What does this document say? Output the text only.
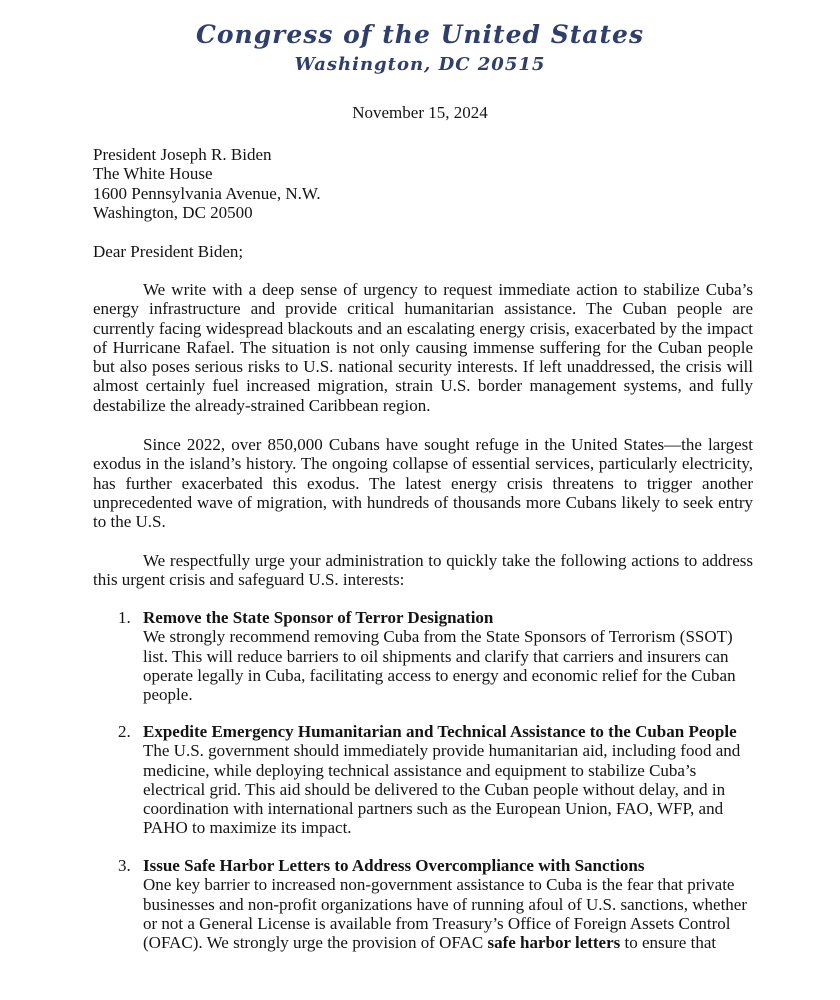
Congress of the United States
Washington, DC 20515
November 15, 2024
President Joseph R. Biden
The White House
1600 Pennsylvania Avenue, N.W.
Washington, DC 20500
Dear President Biden;

We write with a deep sense of urgency to request immediate action to stabilize Cuba’s energy infrastructure and provide critical humanitarian assistance. The Cuban people are currently facing widespread blackouts and an escalating energy crisis, exacerbated by the impact of Hurricane Rafael. The situation is not only causing immense suffering for the Cuban people but also poses serious risks to U.S. national security interests. If left unaddressed, the crisis will almost certainly fuel increased migration, strain U.S. border management systems, and fully destabilize the already-strained Caribbean region.

Since 2022, over 850,000 Cubans have sought refuge in the United States—the largest exodus in the island’s history. The ongoing collapse of essential services, particularly electricity, has further exacerbated this exodus. The latest energy crisis threatens to trigger another unprecedented wave of migration, with hundreds of thousands more Cubans likely to seek entry to the U.S.

We respectfully urge your administration to quickly take the following actions to address this urgent crisis and safeguard U.S. interests:

1. Remove the State Sponsor of Terror Designation

We strongly recommend removing Cuba from the State Sponsors of Terrorism (SSOT) list. This will reduce barriers to oil shipments and clarify that carriers and insurers can operate legally in Cuba, facilitating access to energy and economic relief for the Cuban people.

2. Expedite Emergency Humanitarian and Technical Assistance to the Cuban People

The U.S. government should immediately provide humanitarian aid, including food and medicine, while deploying technical assistance and equipment to stabilize Cuba’s electrical grid. This aid should be delivered to the Cuban people without delay, and in coordination with international partners such as the European Union, FAO, WFP, and PAHO to maximize its impact.

3. Issue Safe Harbor Letters to Address Overcompliance with Sanctions

One key barrier to increased non-government assistance to Cuba is the fear that private businesses and non-profit organizations have of running afoul of U.S. sanctions, whether or not a General License is available from Treasury’s Office of Foreign Assets Control (OFAC). We strongly urge the provision of OFAC safe harbor letters to ensure that
